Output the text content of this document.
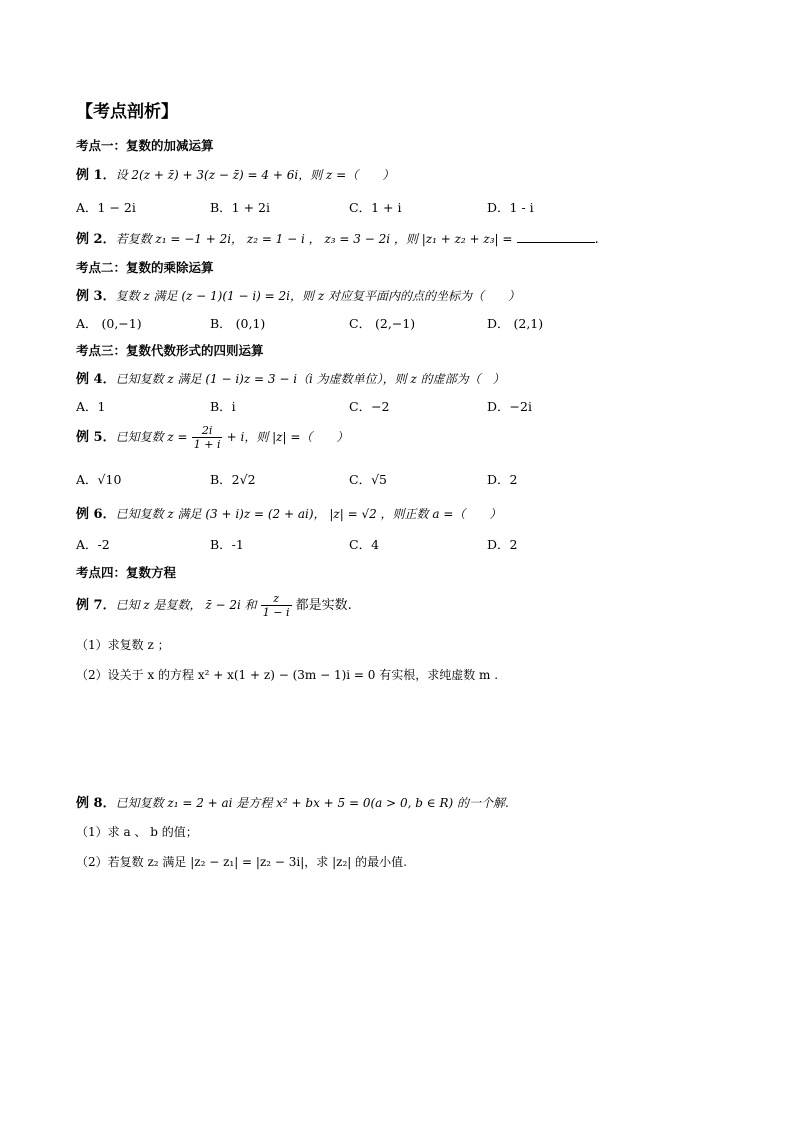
【考点剖析】
考点一：复数的加减运算
例 1．设 2(z + z̄) + 3(z − z̄) = 4 + 6i，则 z =（　　）
A．1 − 2i	B．1 + 2i	C．1 + i	D．1 - i
例 2．若复数 z₁ = −1 + 2i， z₂ = 1 − i ， z₃ = 3 − 2i ，则 |z₁ + z₂ + z₃| =	.
考点二：复数的乘除运算
例 3．复数 z 满足 (z − 1)(1 − i) = 2i，则 z 对应复平面内的点的坐标为（　　）
A． (0,−1)	B． (0,1)	C． (2,−1)	D． (2,1)
考点三：复数代数形式的四则运算
例 4．已知复数 z 满足 (1 − i)z = 3 − i（i 为虚数单位），则 z 的虚部为（　）
A．1	B．i	C．−2	D．−2i
例 5．已知复数 $z = \frac{2i}{1 + i} + i$，则 |z| =（　　）
A．√10	B．2√2	C．√5	D．2
例 6．已知复数 z 满足 (3 + i)z = (2 + ai)， |z| = √2 ，则正数 a =（　　）
A．-2	B．-1	C．4	D．2
考点四：复数方程
例 7．已知 z 是复数， z̄ − 2i 和 $\frac{z}{1 - i}$ 都是实数.
（1）求复数 z ；
（2）设关于 x 的方程 x² + x(1 + z) − (3m − 1)i = 0 有实根，求纯虚数 m .
例 8．已知复数 z₁ = 2 + ai 是方程 x² + bx + 5 = 0(a > 0, b ∈ R) 的一个解.
（1）求 a 、 b 的值；
（2）若复数 z₂ 满足 |z₂ − z₁| = |z₂ − 3i|，求 |z₂| 的最小值.
